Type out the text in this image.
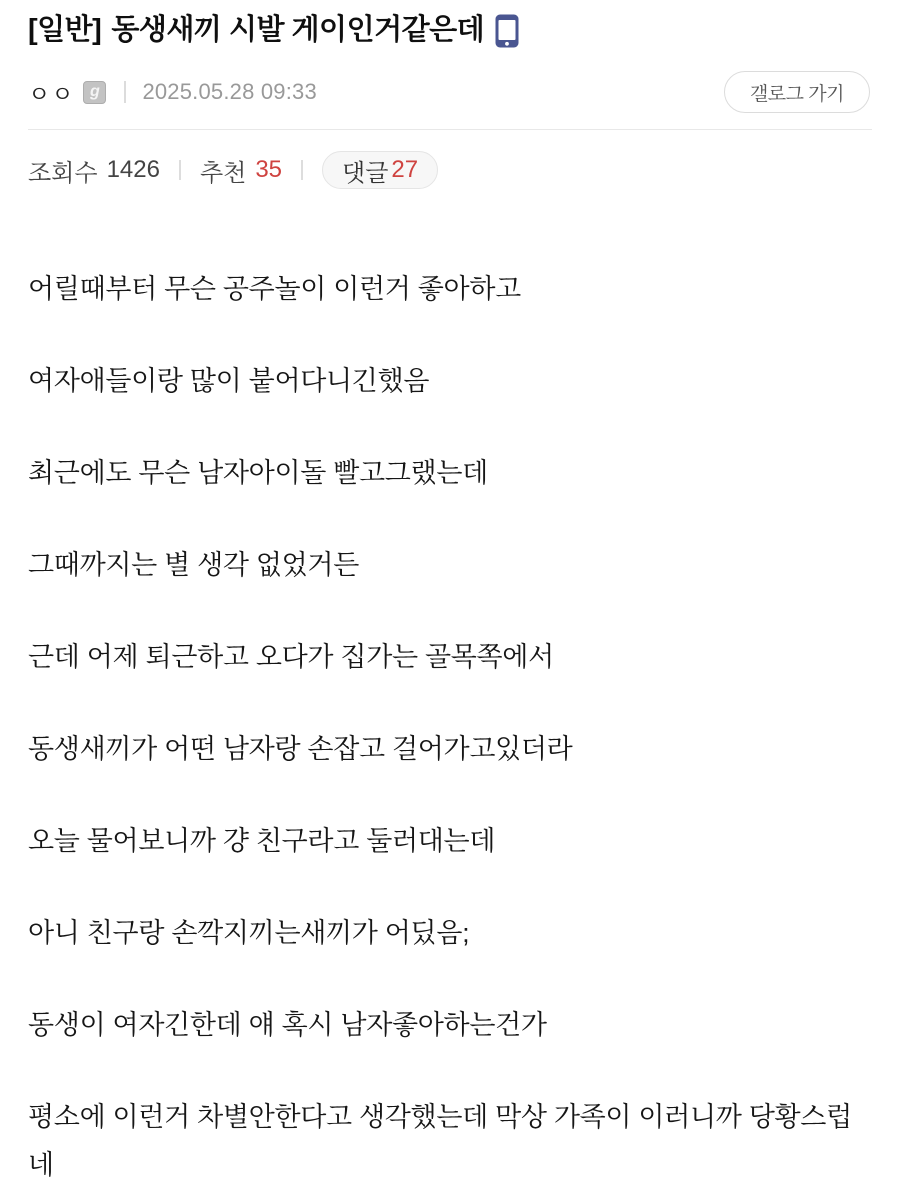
[일반] 동생새끼 시발 게이인거같은데
ㅇㅇ g	2025.05.28 09:33	갤로그 가기
조회수 1426 추천 35	댓글 27

어릴때부터 무슨 공주놀이 이런거 좋아하고

여자애들이랑 많이 붙어다니긴했음

최근에도 무슨 남자아이돌 빨고그랬는데

그때까지는 별 생각 없었거든

근데 어제 퇴근하고 오다가 집가는 골목쪽에서

동생새끼가 어떤 남자랑 손잡고 걸어가고있더라

오늘 물어보니까 걍 친구라고 둘러대는데

아니 친구랑 손깍지끼는새끼가 어딨음;

동생이 여자긴한데 얘 혹시 남자좋아하는건가

평소에 이런거 차별안한다고 생각했는데 막상 가족이 이러니까 당황스럽네
